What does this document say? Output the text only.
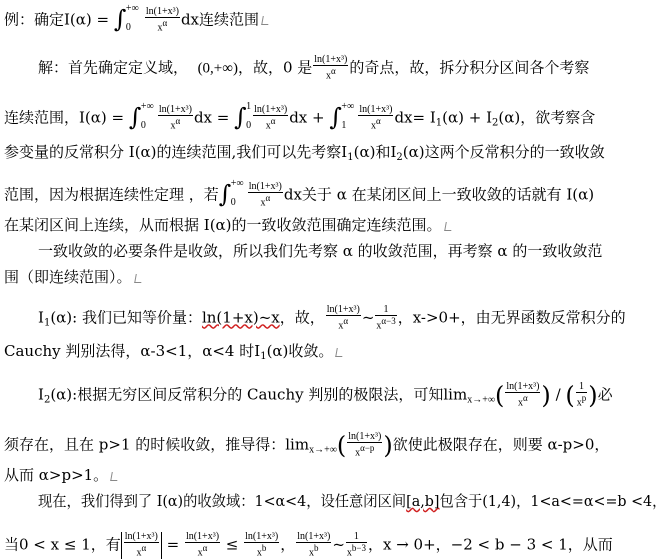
例：确定I(α) = ∫ +∞
$0 \frac{\text{ln(1+x³)}}{x^\alpha}$ dx连续范围
解：首先确定定义域， (0,+∞)，故，0 是 $\frac{\text{ln(1+x³)}}{x^\alpha}$ 的奇点，故，拆分积分区间各个考察
连续范围，I(α) = ∫ +∞
$0 \frac{\text{ln(1+x³)}}{x^\alpha}$ dx = ∫ 1
$0 \frac{\text{ln(1+x³)}}{x^\alpha}$ dx + ∫ +∞
$1 \frac{\text{ln(1+x³)}}{x^\alpha} dx= I_1(\alpha) + I_2(\alpha)$，欲考察含
参变量的反常积分 I(α)的连续范围,我们可以先考察$I_1(\alpha)$和$I_2(\alpha)$这两个反常积分的一致收敛
范围，因为根据连续性定理 ，若∫ +∞
$0 \frac{\text{ln(1+x³)}}{x^\alpha}$ dx关于 α 在某闭区间上一致收敛的话就有 I(α)
在某闭区间上连续，从而根据 I(α)的一致收敛范围确定连续范围。
一致收敛的必要条件是收敛，所以我们先考察 α 的收敛范围，再考察 α 的一致收敛范
围（即连续范围）。
$I_1(\alpha)$: 我们已知等价量：ln(1+x)~x，故， $\frac{\text{ln(1+x³)}}{x^\alpha}$ ~ $\frac{1}{x^{\alpha-3}}$ ，x->0+，由无界函数反常积分的
Cauchy 判别法得，α-3<1，α<4 时$I_1(\alpha)$收敛。
$I_2(\alpha)$:根据无穷区间反常积分的 Cauchy 判别的极限法，可知$\lim_{x\to+\infty}( \frac{\text{ln(1+x³)}}{x^\alpha}$ ) / ( $\frac{1}{x^p}$ )必
须存在，且在 p>1 的时候收敛，推导得：$\lim_{x\to+\infty}( \frac{\text{ln(1+x³)}}{x^{\alpha-p}}$ )欲使此极限存在，则要 α-p>0，
从而 α>p>1。
现在，我们得到了 I(α)的收敛域：1<α<4，设任意闭区间[a,b]包含于(1,4)，1<a<=α<=b <4，
当0 < x ≤ 1，有 $\frac{\text{ln(1+x³)}}{x^\alpha} = \frac{\text{ln(1+x³)}}{x^\alpha} \le \frac{\text{ln(1+x³)}}{x^b}$ ， $\frac{\text{ln(1+x³)}}{x^b}$ ~ $\frac{1}{x^{b-3}}$ ，x → 0+，−2 < b − 3 < 1，从而
